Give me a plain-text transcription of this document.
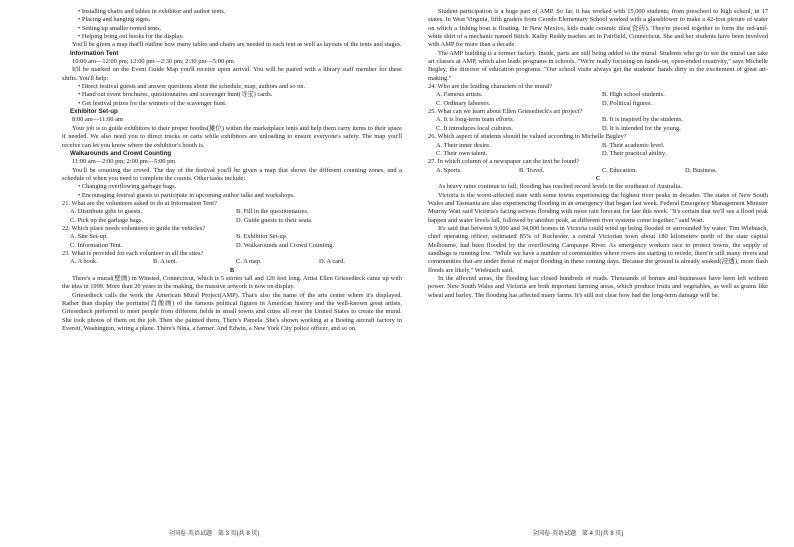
• Installing chairs and tables in exhibitor and author tents.

• Placing and hanging signs.

• Setting up smaller rented tents.

• Helping bring out books for the display.

You'll be given a map that'll outline how many tables and chairs are needed in each tent as well as layouts of the tents and stages.

Information Tent

10:00 am—12:00 pm; 12:00 pm—2:30 pm; 2:30 pm—5:00 pm

It'll be marked on the Event Guide Map you'll receive upon arrival. You will be paired with a library staff member for these shifts. You'll help:

• Direct festival guests and answer questions about the schedule, map, authors and so on.

• Hand out event brochures, questionnaires and scavenger hunt(寻宝) cards.

• Get festival prizes for the winners of the scavenger hunt.

Exhibitor Set-up

8:00 am—11:00 am

Your job is to guide exhibitors to their proper booths(摊位) within the marketplace tents and help them carry items to their space if needed. We also need you to direct trucks or carts while exhibitors are unloading to ensure everyone's safety. The map you'll receive can let you know where the exhibitor's booth is.

Walkarounds and Crowd Counting

11:00 am—2:00 pm; 2:00 pm—5:00 pm

You'll be counting the crowd. The day of the festival you'll be given a map that shows the different counting zones, and a schedule of when you need to complete the counts. Other tasks include:

• Changing overflowing garbage bags.

• Encouraging festival guests to participate in upcoming author talks and workshops.

21. What are the volunteers asked to do at Information Tent?

A. Distribute gifts to guests.	B. Fill in the questionnaires.

C. Pick up the garbage bags.	D. Guide guests to their seats.

22. Which place needs volunteers to guide the vehicles?

A. Site Set-up.	B. Exhibitor Set-up.

C. Information Tent.	D. Walkarounds and Crowd Counting.

23. What is provided for each volunteer in all the sites?

A. A book.	B. A tent.	C. A map.	D. A card.

B

There's a mural(壁画) in Winsted, Connecticut, which is 5 stories tall and 120 feet long. Artist Ellen Griesedieck came up with the idea in 1999. More than 20 years in the making, the massive artwork is now on display.

Griesedieck calls the work the American Mural Project(AMP). That's also the name of the arts center where it's displayed. Rather than display the portraits(肖像画) of the famous political figures in American history and the well-known great artists, Griesedieck preferred to meet people from different fields in small towns and cities all over the United States to create the mural. She took photos of them on the job. Then she painted them. There's Pamela. She's shown working at a Boeing aircraft factory in Everett, Washington, wiring a plane. There's Nina, a farmer. And Edwin, a New York City police officer, and so on.

Student participation is a huge part of AMP. So far, it has worked with 15,000 students, from preschool to high school, in 17 states. In West Virginia, fifth graders from Ceredo Elementary School worked with a glassblower to make a 42-foot picture of water on which a fishing boat is floating. In New Mexico, kids made ceramic tiles(瓷砖). They're pieced together to form the red-and-white shirt of a mechanic named Stitch. Kathy Reddy teaches art in Fairfield, Connecticut. She and her students have been involved with AMP for more than a decade.

The AMP building is a former factory. Inside, parts are still being added to the mural. Students who go to see the mural can take art classes at AMP, which also leads programs in schools. "We're really focusing on hands-on, open-ended creativity," says Michelle Begley, the director of education programs. "Our school visits always get the students' hands dirty in the excitement of great art-making."

24. Who are the leading characters of the mural?

A. Famous artists.	B. High school students.

C. Ordinary laborers.	D. Political figures.

25. What can we learn about Ellen Griesedieck's art project?

A. It is long-term team efforts.	B. It is inspired by the students.

C. It introduces local cultures.	D. It is intended for the young.

26. Which aspect of students should be valued according to Michelle Begley?

A. Their inner desire.	B. Their academic level.

C. Their own talent.	D. Their practical ability.

27. In which column of a newspaper can the text be found?

A. Sports.	B. Travel.	C. Education.	D. Business.

C

As heavy rains continue to fall, flooding has reached record levels in the southeast of Australia.

Victoria is the worst-affected state with some towns experiencing the highest river peaks in decades. The states of New South Wales and Tasmania are also experiencing flooding in an emergency that began last week. Federal Emergency Management Minister Murray Watt said Victoria's facing serious flooding with more rain forecast for late this week. "It's certain that we'll see a flood peak happen and water levels fall, followed by another peak, as different river systems come together," said Watt.

It's said that between 9,000 and 34,000 homes in Victoria could wind up being flooded or surrounded by water. Tim Wiebusch, chief operating officer, estimated 85% of Rochester, a central Victorian town about 180 kilometers north of the state capital Melbourne, had been flooded by the overflowing Campaspe River. As emergency workers race to protect towns, the supply of sandbags is running low. "While we have a number of communities where rivers are starting to recede, there're still many rivers and communities that are under threat of major flooding in these coming days. Because the ground is already soaked(浸透), more flash floods are likely," Wiebusch said.

In the affected areas, the flooding has closed hundreds of roads. Thousands of homes and businesses have been left without power. New South Wales and Victoria are both important farming areas, which produce fruits and vegetables, as well as grains like wheat and barley. The flooding has affected many farms. It's still not clear how bad the long-term damage will be.

全国卷·英语试题　第 3 页(共 8 页)	全国卷·英语试题　第 4 页(共 8 页)
